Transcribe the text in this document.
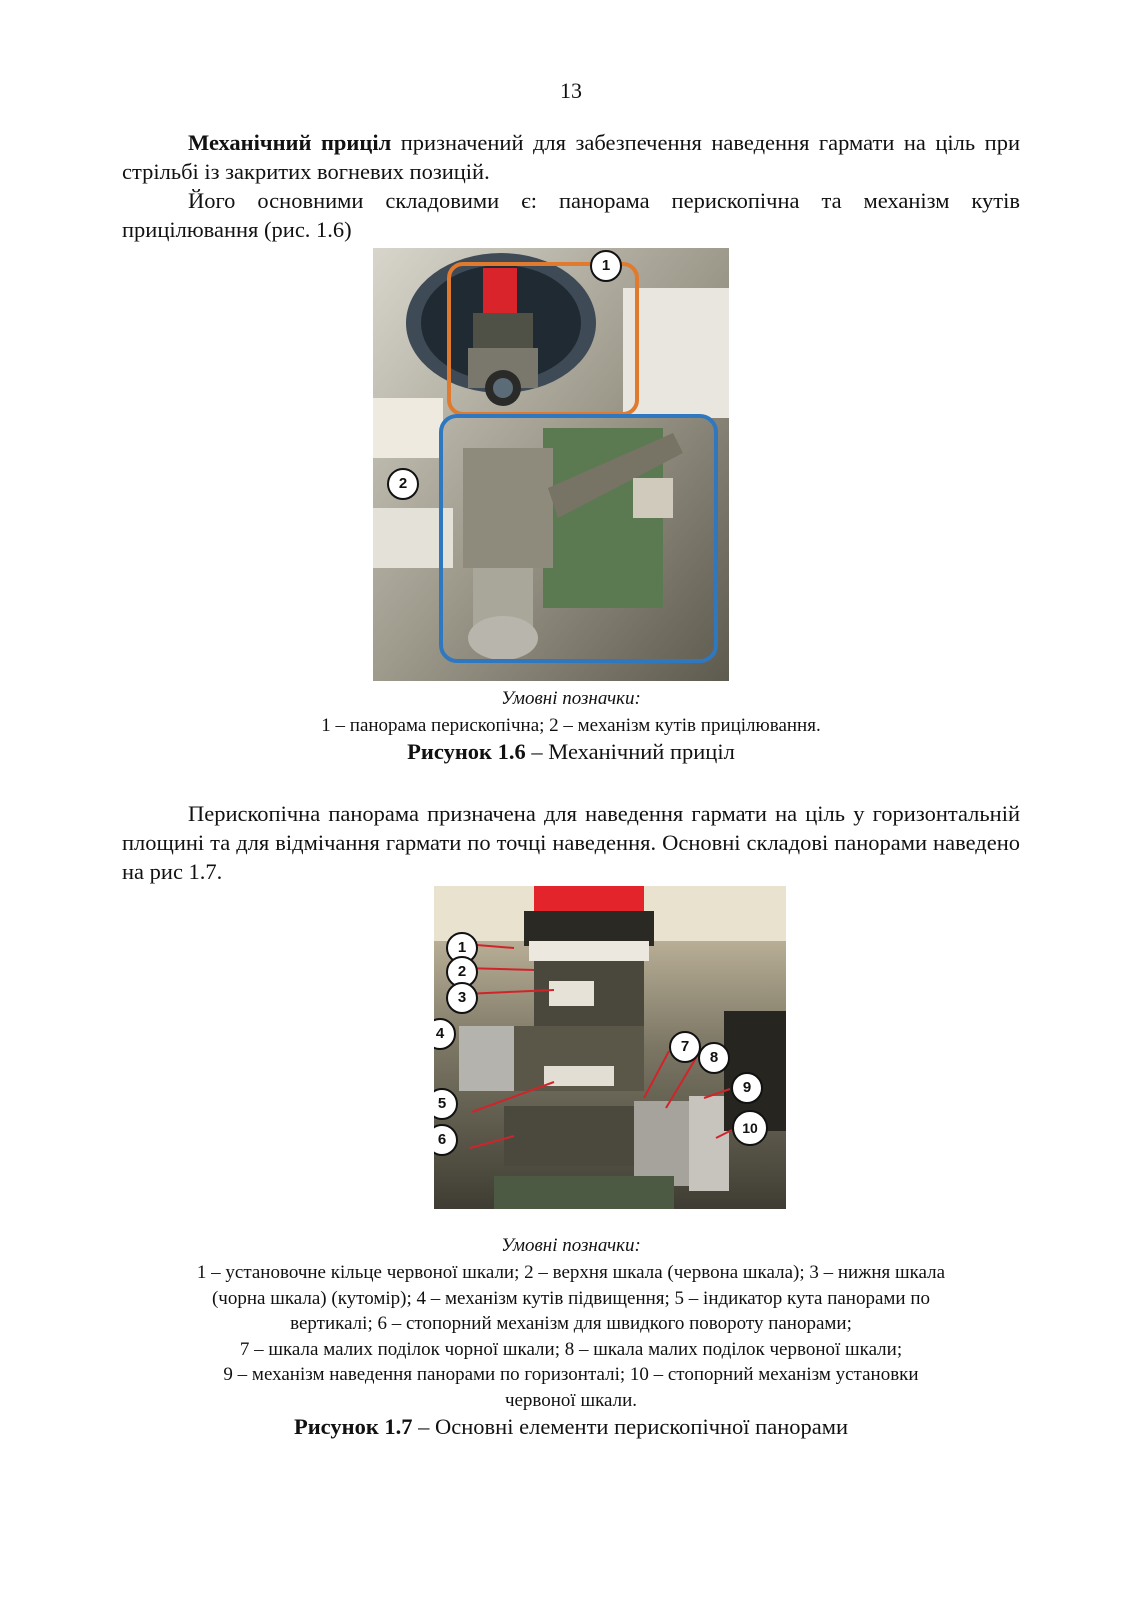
13

Механічний приціл призначений для забезпечення наведення гармати на ціль при стрільбі із закритих вогневих позицій.

Його основними складовими є: панорама перископічна та механізм кутів прицілювання (рис. 1.6)

1
2
Умовні позначки:

1 – панорама перископічна; 2 – механізм кутів прицілювання.

Рисунок 1.6 – Механічний приціл

Перископічна панорама призначена для наведення гармати на ціль у горизонтальній площині та для відмічання гармати по точці наведення. Основні складові панорами наведено на рис 1.7.

1
2
3
4
5
6
7
8
9
10
Умовні позначки:

1 – установочне кільце червоної шкали; 2 – верхня шкала (червона шкала); 3 – нижня шкала
(чорна шкала) (кутомір); 4 – механізм кутів підвищення; 5 – індикатор кута панорами по
вертикалі; 6 – стопорний механізм для швидкого повороту панорами;
7 – шкала малих поділок чорної шкали; 8 – шкала малих поділок червоної шкали;
9 – механізм наведення панорами по горизонталі; 10 – стопорний механізм установки
червоної шкали.

Рисунок 1.7 – Основні елементи перископічної панорами
